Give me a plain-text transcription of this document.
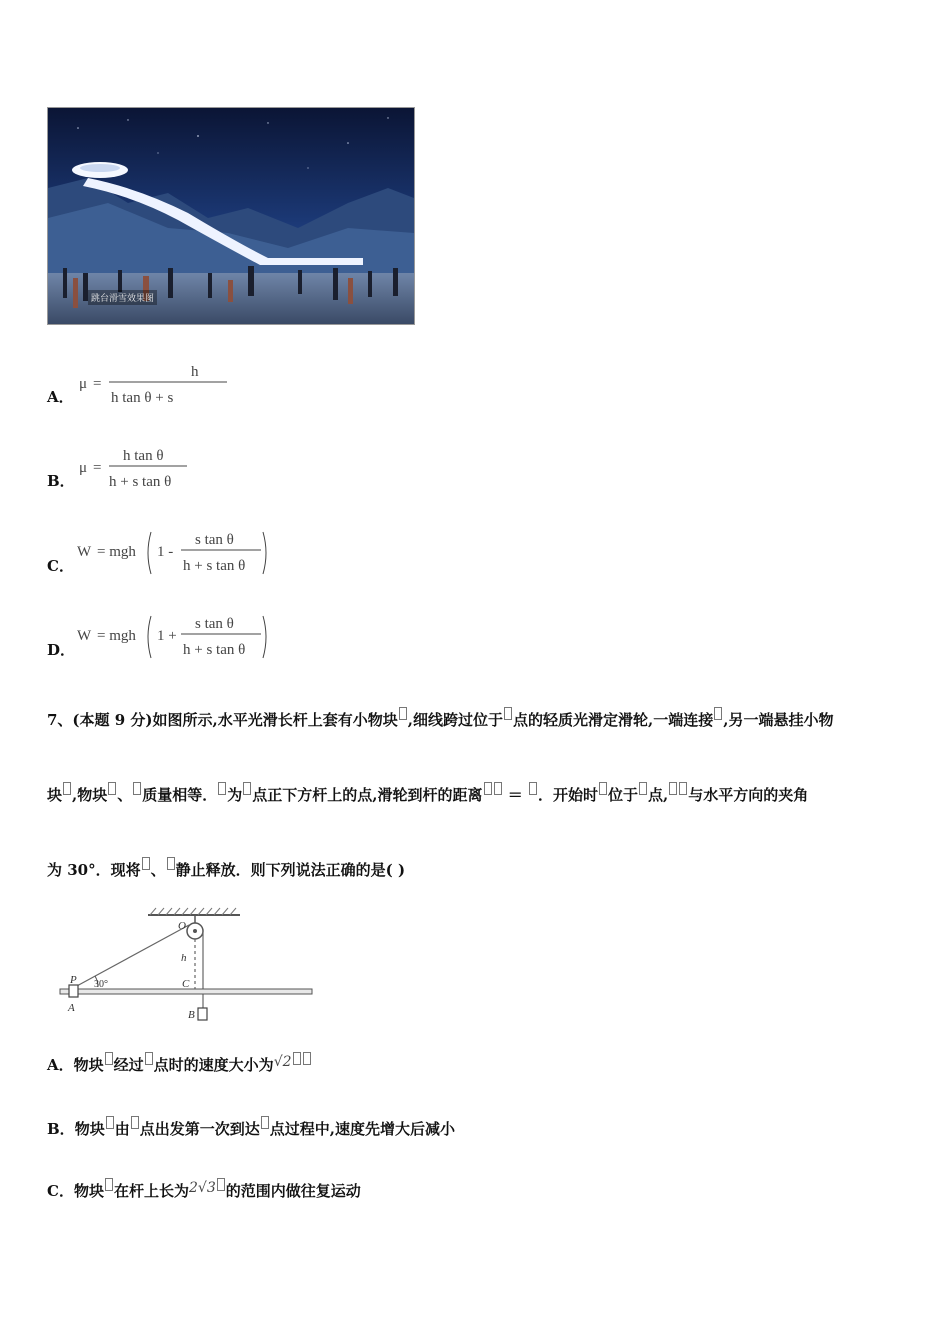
跳台滑雪效果图
A．
μ =
h
h tan θ + s
B．
μ =
h tan θ
h + s tan θ
C．
W = mgh 1 -
s tan θ
h + s tan θ
D．
W = mgh 1 +
s tan θ
h + s tan θ
7、(本题 9 分)如图所示,水平光滑长杆上套有小物块 ,细线跨过位于 点的轻质光滑定滑轮,一端连接 ,另一端悬挂小物
块 ,物块 、 质量相等． 为 点正下方杆上的点,滑轮到杆的距离 ＝ ．开始时 位于 点, 与水平方向的夹角
为 30°．现将 、 静止释放．则下列说法正确的是( )
O
h
P 30°	C
A
B
A．物块 经过 点时的速度大小为√2
B．物块 由 点出发第一次到达 点过程中,速度先增大后减小
C．物块 在杆上长为2√3 的范围内做往复运动
